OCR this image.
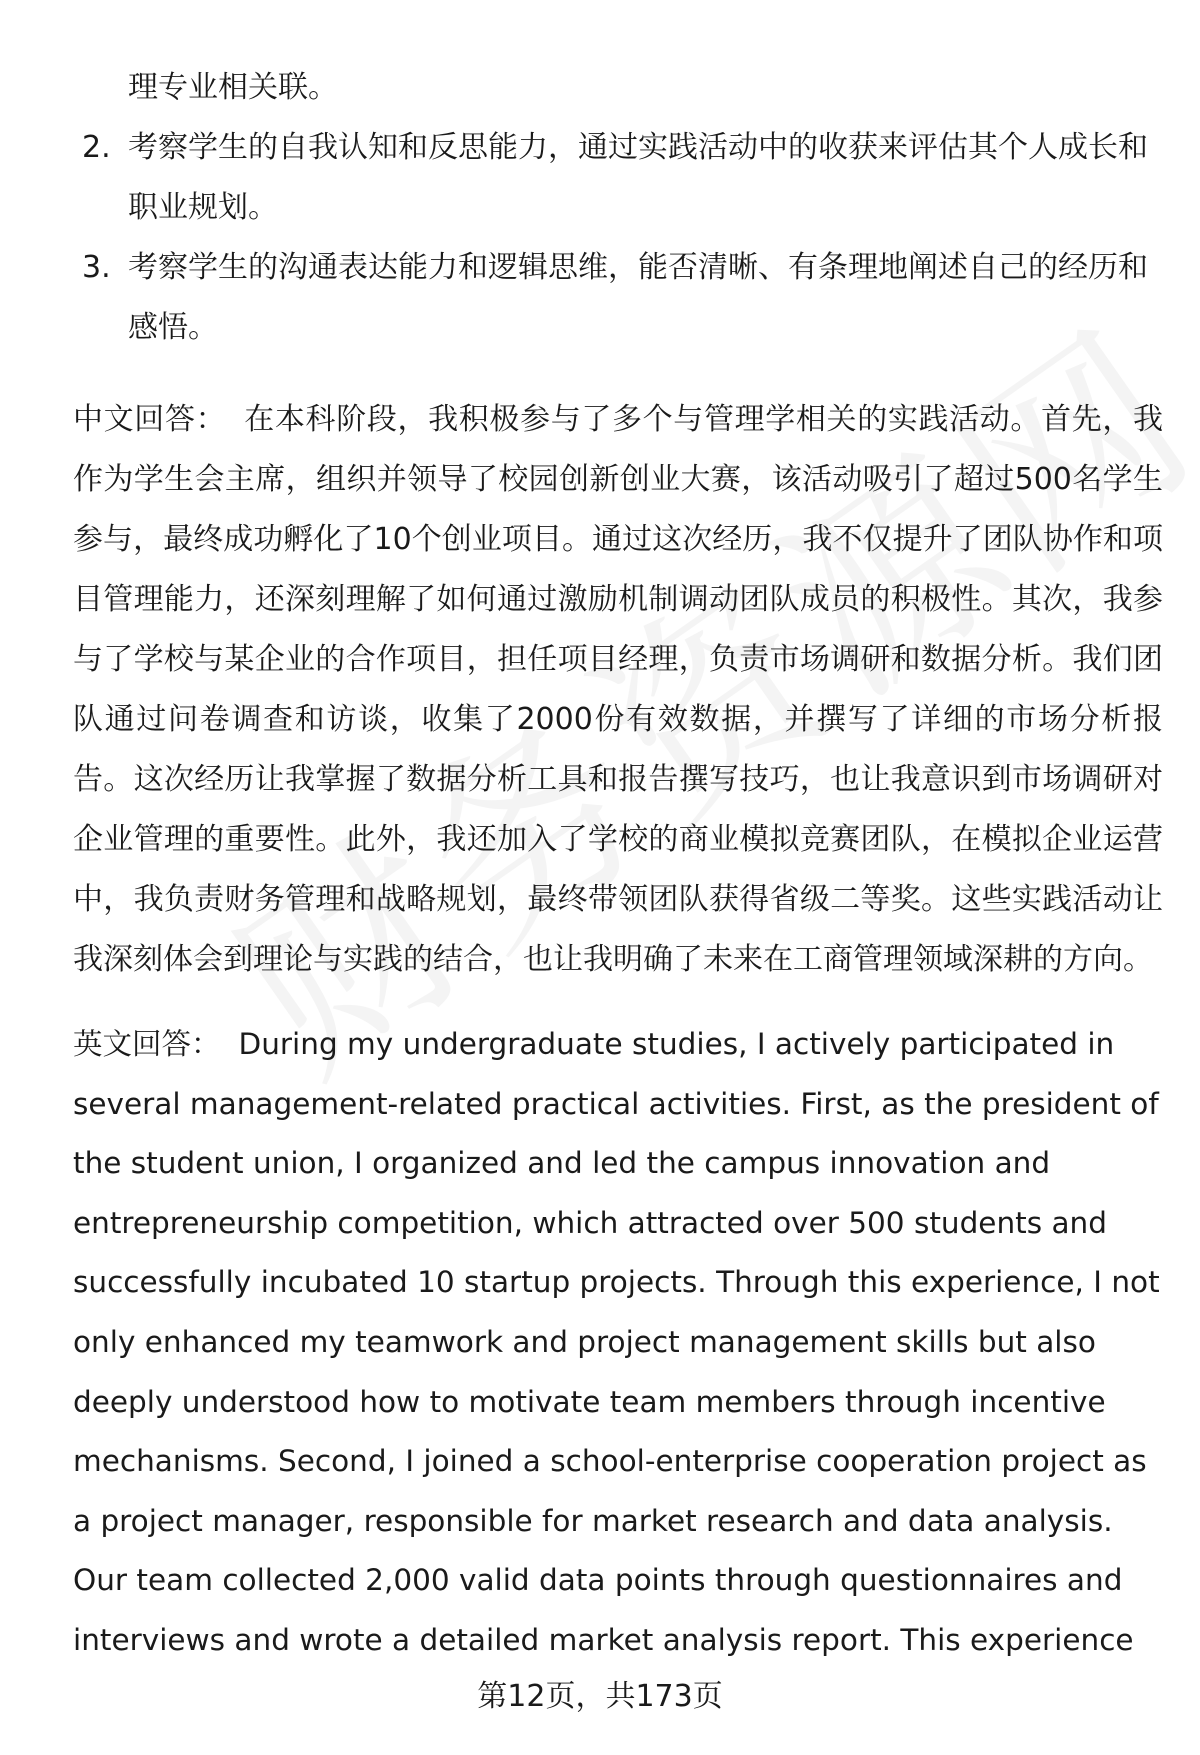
理专业相关联。
2. 考察学生的自我认知和反思能力，通过实践活动中的收获来评估其个人成长和职业规划。
3. 考察学生的沟通表达能力和逻辑思维，能否清晰、有条理地阐述自己的经历和感悟。
中文回答： 在本科阶段，我积极参与了多个与管理学相关的实践活动。首先，我作为学生会主席，组织并领导了校园创新创业大赛，该活动吸引了超过500名学生参与，最终成功孵化了10个创业项目。通过这次经历，我不仅提升了团队协作和项目管理能力，还深刻理解了如何通过激励机制调动团队成员的积极性。其次，我参与了学校与某企业的合作项目，担任项目经理，负责市场调研和数据分析。我们团队通过问卷调查和访谈，收集了2000份有效数据，并撰写了详细的市场分析报告。这次经历让我掌握了数据分析工具和报告撰写技巧，也让我意识到市场调研对企业管理的重要性。此外，我还加入了学校的商业模拟竞赛团队，在模拟企业运营中，我负责财务管理和战略规划，最终带领团队获得省级二等奖。这些实践活动让我深刻体会到理论与实践的结合，也让我明确了未来在工商管理领域深耕的方向。
英文回答： During my undergraduate studies, I actively participated in several management-related practical activities. First, as the president of the student union, I organized and led the campus innovation and entrepreneurship competition, which attracted over 500 students and successfully incubated 10 startup projects. Through this experience, I not only enhanced my teamwork and project management skills but also deeply understood how to motivate team members through incentive mechanisms. Second, I joined a school-enterprise cooperation project as a project manager, responsible for market research and data analysis. Our team collected 2,000 valid data points through questionnaires and interviews and wrote a detailed market analysis report. This experience
第12页，共173页
